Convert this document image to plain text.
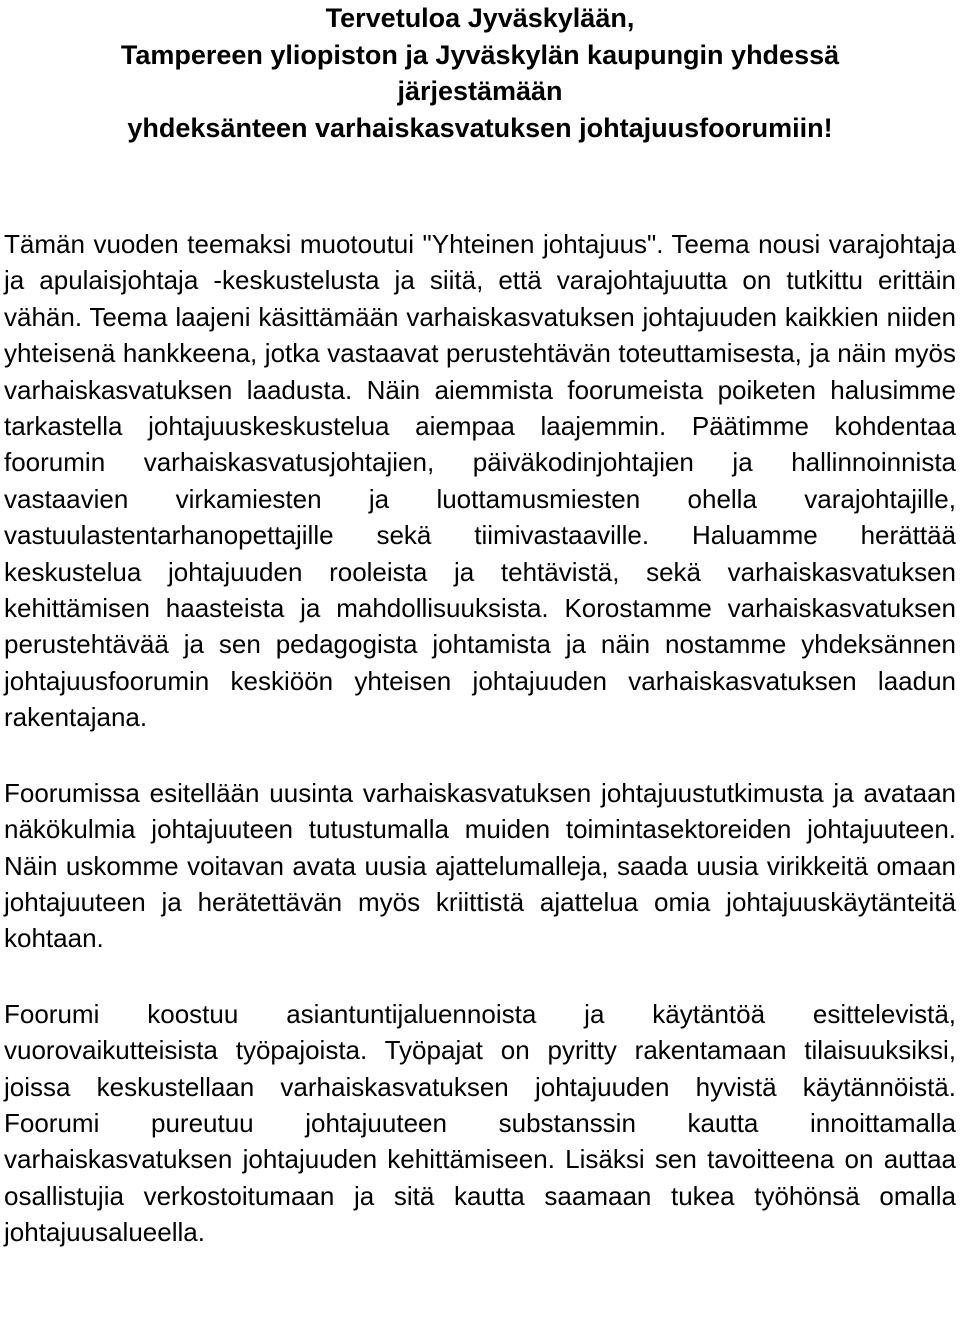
Tervetuloa Jyväskylään,
Tampereen yliopiston ja Jyväskylän kaupungin yhdessä
järjestämään
yhdeksänteen varhaiskasvatuksen johtajuusfoorumiin!

Tämän vuoden teemaksi muotoutui "Yhteinen johtajuus". Teema nousi varajohtaja ja apulaisjohtaja -keskustelusta ja siitä, että varajohtajuutta on tutkittu erittäin vähän. Teema laajeni käsittämään varhaiskasvatuksen johtajuuden kaikkien niiden yhteisenä hankkeena, jotka vastaavat perustehtävän toteuttamisesta, ja näin myös varhaiskasvatuksen laadusta. Näin aiemmista foorumeista poiketen halusimme tarkastella johtajuuskeskustelua aiempaa laajemmin. Päätimme kohdentaa foorumin varhaiskasvatusjohtajien, päiväkodinjohtajien ja hallinnoinnista vastaavien virkamiesten ja luottamusmiesten ohella varajohtajille, vastuulastentarhanopettajille sekä tiimivastaaville. Haluamme herättää keskustelua johtajuuden rooleista ja tehtävistä, sekä varhaiskasvatuksen kehittämisen haasteista ja mahdollisuuksista. Korostamme varhaiskasvatuksen perustehtävää ja sen pedagogista johtamista ja näin nostamme yhdeksännen johtajuusfoorumin keskiöön yhteisen johtajuuden varhaiskasvatuksen laadun rakentajana.

Foorumissa esitellään uusinta varhaiskasvatuksen johtajuustutkimusta ja avataan näkökulmia johtajuuteen tutustumalla muiden toimintasektoreiden johtajuuteen. Näin uskomme voitavan avata uusia ajattelumalleja, saada uusia virikkeitä omaan johtajuuteen ja herätettävän myös kriittistä ajattelua omia johtajuuskäytänteitä kohtaan.

Foorumi koostuu asiantuntijaluennoista ja käytäntöä esittelevistä, vuorovaikutteisista työpajoista. Työpajat on pyritty rakentamaan tilaisuuksiksi, joissa keskustellaan varhaiskasvatuksen johtajuuden hyvistä käytännöistä. Foorumi pureutuu johtajuuteen substanssin kautta innoittamalla varhaiskasvatuksen johtajuuden kehittämiseen. Lisäksi sen tavoitteena on auttaa osallistujia verkostoitumaan ja sitä kautta saamaan tukea työhönsä omalla johtajuusalueella.
